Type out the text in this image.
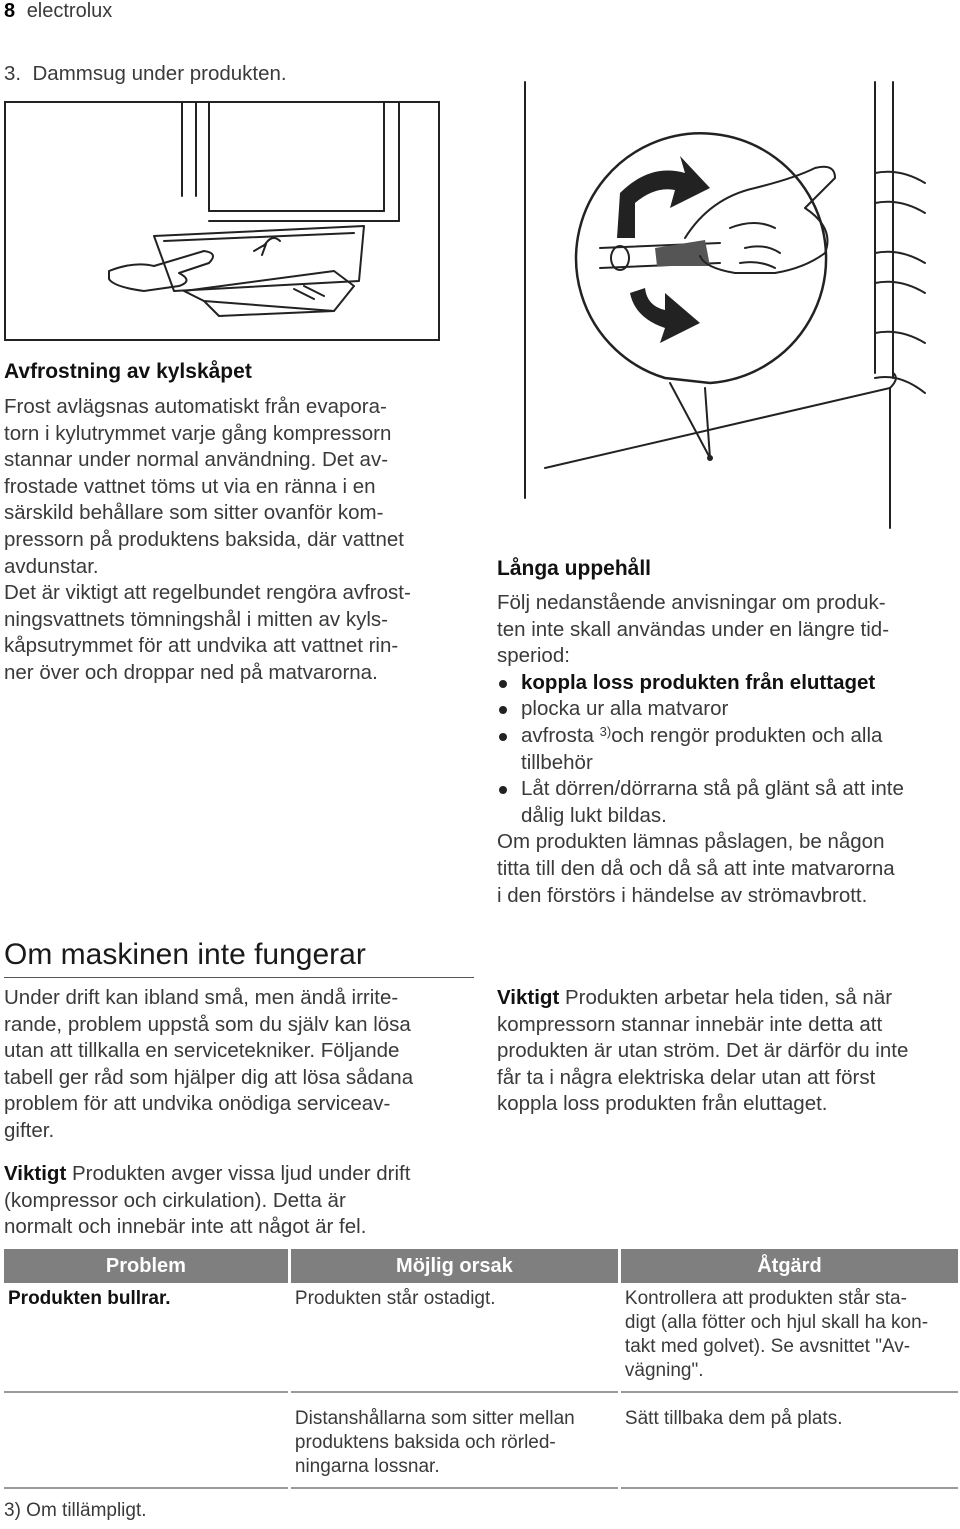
8 electrolux
3.  Dammsug under produkten.
Avfrostning av kylskåpet

Frost avlägsnas automatiskt från evapora-

torn i kylutrymmet varje gång kompressorn

stannar under normal användning. Det av-

frostade vattnet töms ut via en ränna i en

särskild behållare som sitter ovanför kom-

pressorn på produktens baksida, där vattnet

avdunstar.

Det är viktigt att regelbundet rengöra avfrost-

ningsvattnets tömningshål i mitten av kyls-

kåpsutrymmet för att undvika att vattnet rin-

ner över och droppar ned på matvarorna.

Långa uppehåll

Följ nedanstående anvisningar om produk-

ten inte skall användas under en längre tid-

speriod:

koppla loss produkten från eluttaget
plocka ur alla matvaror
avfrosta $^{3)}$och rengör produkten och alla
tillbehör
Låt dörren/dörrarna stå på glänt så att inte
dålig lukt bildas.

Om produkten lämnas påslagen, be någon

titta till den då och då så att inte matvarorna

i den förstörs i händelse av strömavbrott.

Om maskinen inte fungerar

Under drift kan ibland små, men ändå irrite-

rande, problem uppstå som du själv kan lösa

utan att tillkalla en servicetekniker. Följande

tabell ger råd som hjälper dig att lösa sådana

problem för att undvika onödiga serviceav-

gifter.

Viktigt Produkten avger vissa ljud under drift

(kompressor och cirkulation). Detta är

normalt och innebär inte att något är fel.

Viktigt Produkten arbetar hela tiden, så när

kompressorn stannar innebär inte detta att

produkten är utan ström. Det är därför du inte

får ta i några elektriska delar utan att först

koppla loss produkten från eluttaget.

Problem	Möjlig orsak	Åtgärd
Produkten bullrar.	Produkten står ostadigt.	Kontrollera att produkten står sta-
digt (alla fötter och hjul skall ha kon-
takt med golvet). Se avsnittet "Av-
vägning".
	Distanshållarna som sitter mellan
produktens baksida och rörled-
ningarna lossnar.	Sätt tillbaka dem på plats.
3) Om tillämpligt.
